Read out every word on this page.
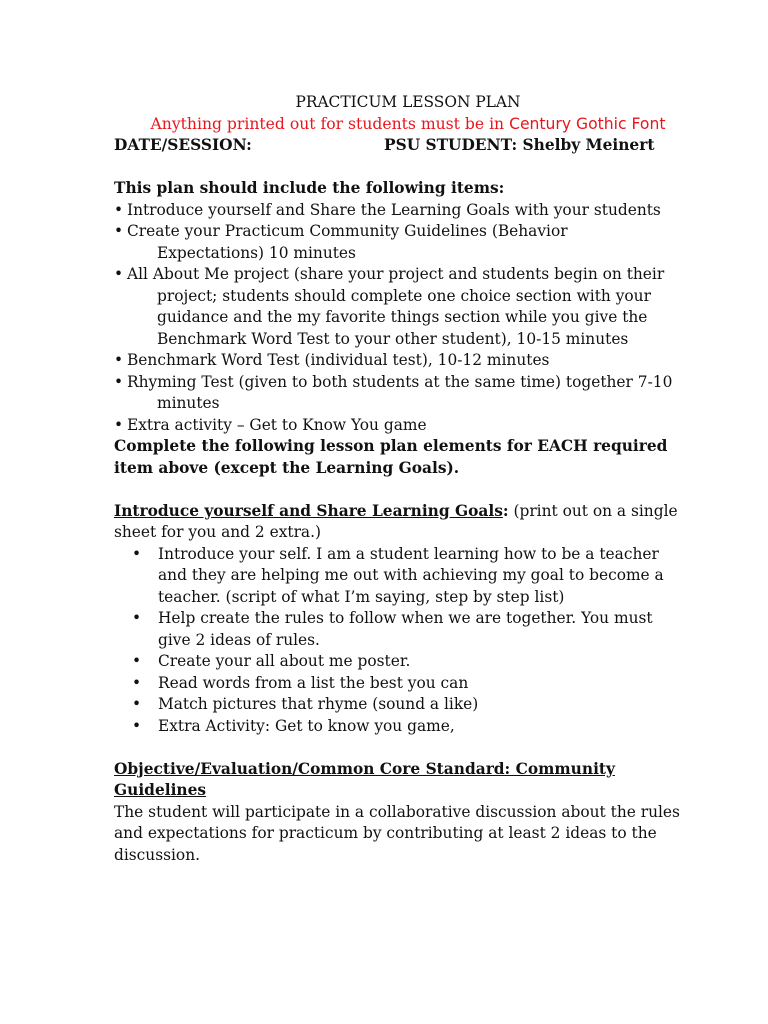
PRACTICUM LESSON PLAN
Anything printed out for students must be in Century Gothic Font
DATE/SESSION:	PSU STUDENT: Shelby Meinert
This plan should include the following items:
• Introduce yourself and Share the Learning Goals with your students
• Create your Practicum Community Guidelines (Behavior
Expectations) 10 minutes
• All About Me project (share your project and students begin on their
project; students should complete one choice section with your
guidance and the my favorite things section while you give the
Benchmark Word Test to your other student), 10-15 minutes
• Benchmark Word Test (individual test), 10-12 minutes
• Rhyming Test (given to both students at the same time) together 7-10
minutes
• Extra activity – Get to Know You game
Complete the following lesson plan elements for EACH required
item above (except the Learning Goals).
Introduce yourself and Share Learning Goals: (print out on a single
sheet for you and 2 extra.)
• Introduce your self. I am a student learning how to be a teacher
and they are helping me out with achieving my goal to become a
teacher. (script of what I’m saying, step by step list)
• Help create the rules to follow when we are together. You must
give 2 ideas of rules.
• Create your all about me poster.
• Read words from a list the best you can
• Match pictures that rhyme (sound a like)
• Extra Activity: Get to know you game,
Objective/Evaluation/Common Core Standard: Community
Guidelines
The student will participate in a collaborative discussion about the rules
and expectations for practicum by contributing at least 2 ideas to the
discussion.
